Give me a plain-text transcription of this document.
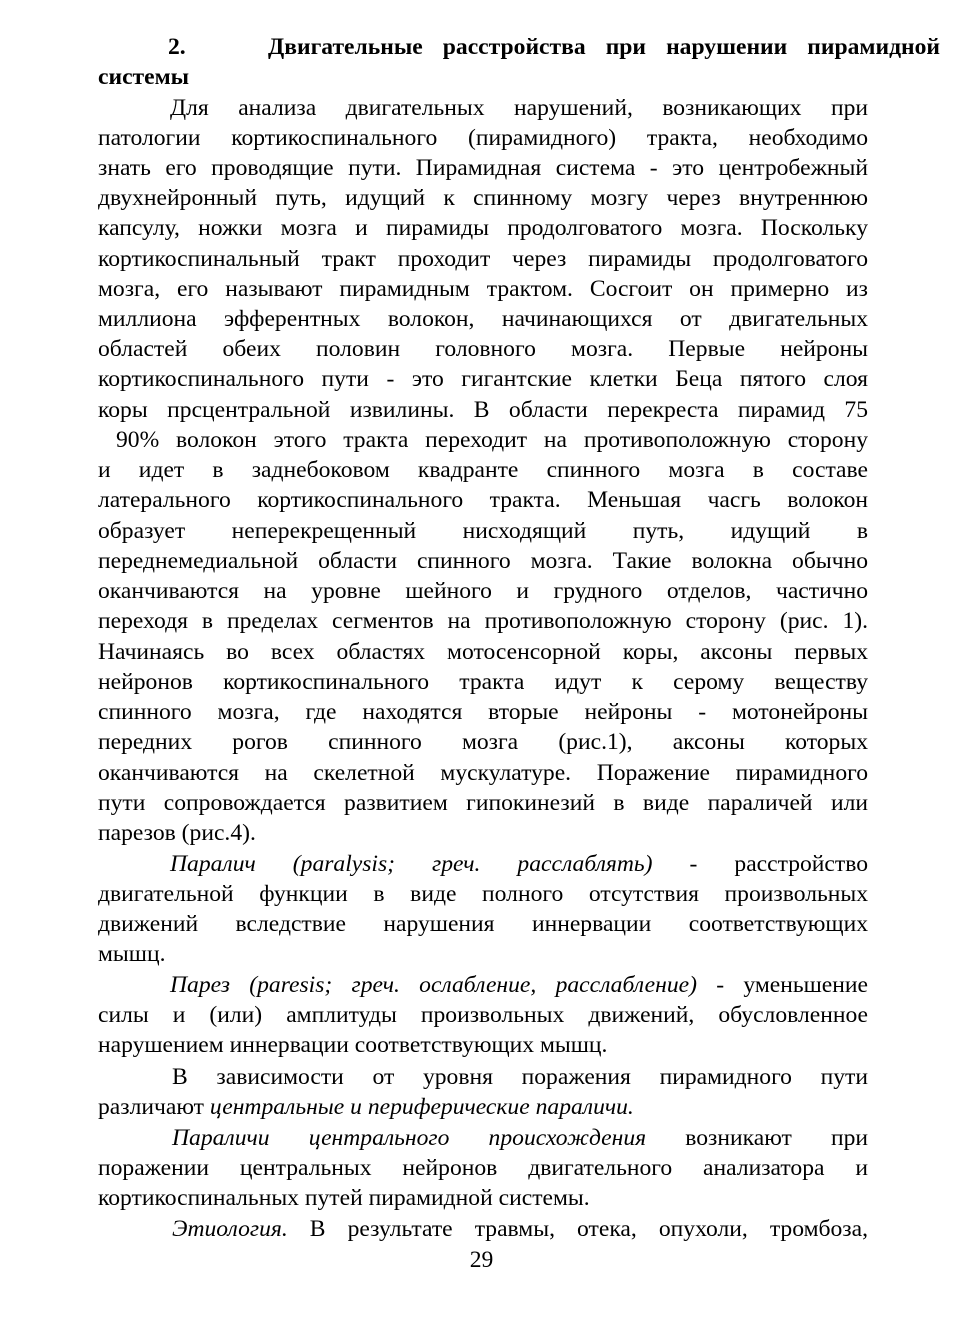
2.	Двигательные расстройства при нарушении пирамидной
системы
Для анализа двигательных нарушений, возникающих при
патологии кортикоспинального (пирамидного) тракта, необходимо
знать его проводящие пути. Пирамидная система - это центробежный
двухнейронный путь, идущий к спинному мозгу через внутреннюю
капсулу, ножки мозга и пирамиды продолговатого мозга. Поскольку
кортикоспинальный тракт проходит через пирамиды продолговатого
мозга, его называют пирамидным трактом. Сосгоит он примерно из
миллиона эфферентных волокон, начинающихся от двигательных
областей обеих половин головного мозга. Первые нейроны
кортикоспинального пути - это гигантские клетки Беца пятого слоя
коры прсцентральной извилины. В области перекреста пирамид 75
90% волокон этого тракта переходит на противоположную сторону
и идет в заднебоковом квадранте спинного мозга в составе
латерального кортикоспинального тракта. Меньшая часгь волокон
образует неперекрещенный нисходящий путь, идущий в
переднемедиальной области спинного мозга. Такие волокна обычно
оканчиваются на уровне шейного и грудного отделов, частично
переходя в пределах сегментов на противоположную сторону (рис. 1).
Начинаясь во всех областях мотосенсорной коры, аксоны первых
нейронов кортикоспинального тракта идут к серому веществу
спинного мозга, где находятся вторые нейроны - мотонейроны
передних рогов спинного мозга (рис.1), аксоны которых
оканчиваются на скелетной мускулатуре. Поражение пирамидного
пути сопровождается развитием гипокинезий в виде параличей или
парезов (рис.4).
Паралич (paralysis; греч. расслаблять) - расстройство
двигательной функции в виде полного отсутствия произвольных
движений вследствие нарушения иннервации соответствующих
мышц.
Парез (paresis; греч. ослабление, расслабление) - уменьшение
силы и (или) амплитуды произвольных движений, обусловленное
нарушением иннервации соответствующих мышц.
В зависимости от уровня поражения пирамидного пути
различают центральные и периферические параличи.
Параличи центрального происхождения возникают при
поражении центральных нейронов двигательного анализатора и
кортикоспинальных путей пирамидной системы.
Этиология. В результате травмы, отека, опухоли, тромбоза,
29
